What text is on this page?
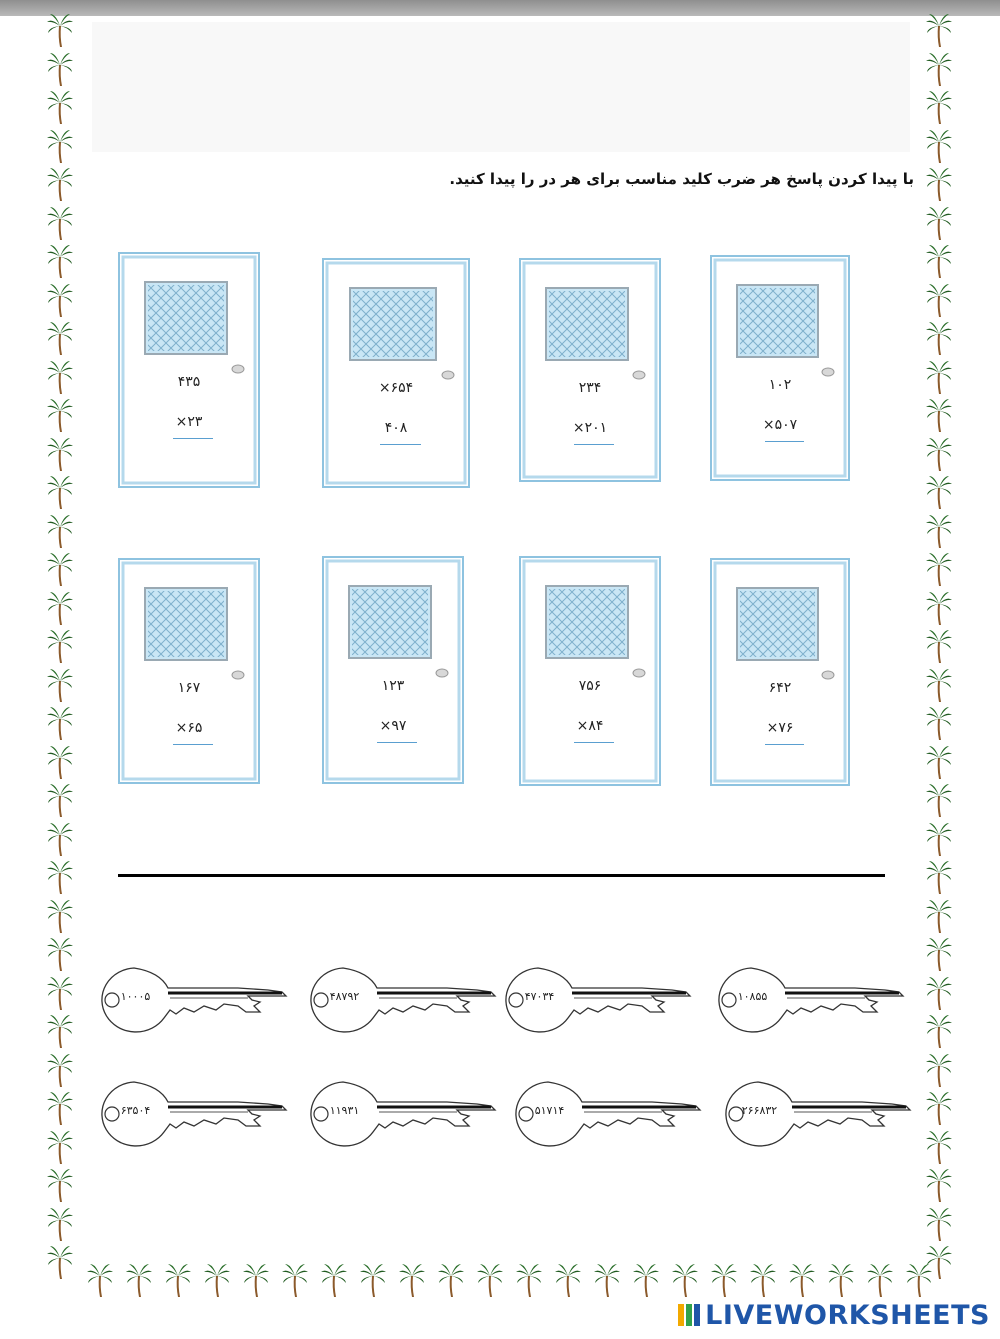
با پیدا کردن پاسخ هر ضرب کلید مناسب برای هر در را پیدا کنید.
۴۳۵
×۲۳
×۶۵۴
۴۰۸
۲۳۴
×۲۰۱
۱۰۲
×۵۰۷
۱۶۷
×۶۵
۱۲۳
×۹۷
۷۵۶
×۸۴
۶۴۲
×۷۶
۱۰۰۰۵	۴۸۷۹۲	۴۷۰۳۴	۱۰۸۵۵
۶۳۵۰۴	۱۱۹۳۱	۵۱۷۱۴	۲۶۶۸۳۲
LIVEWORKSHEETS
